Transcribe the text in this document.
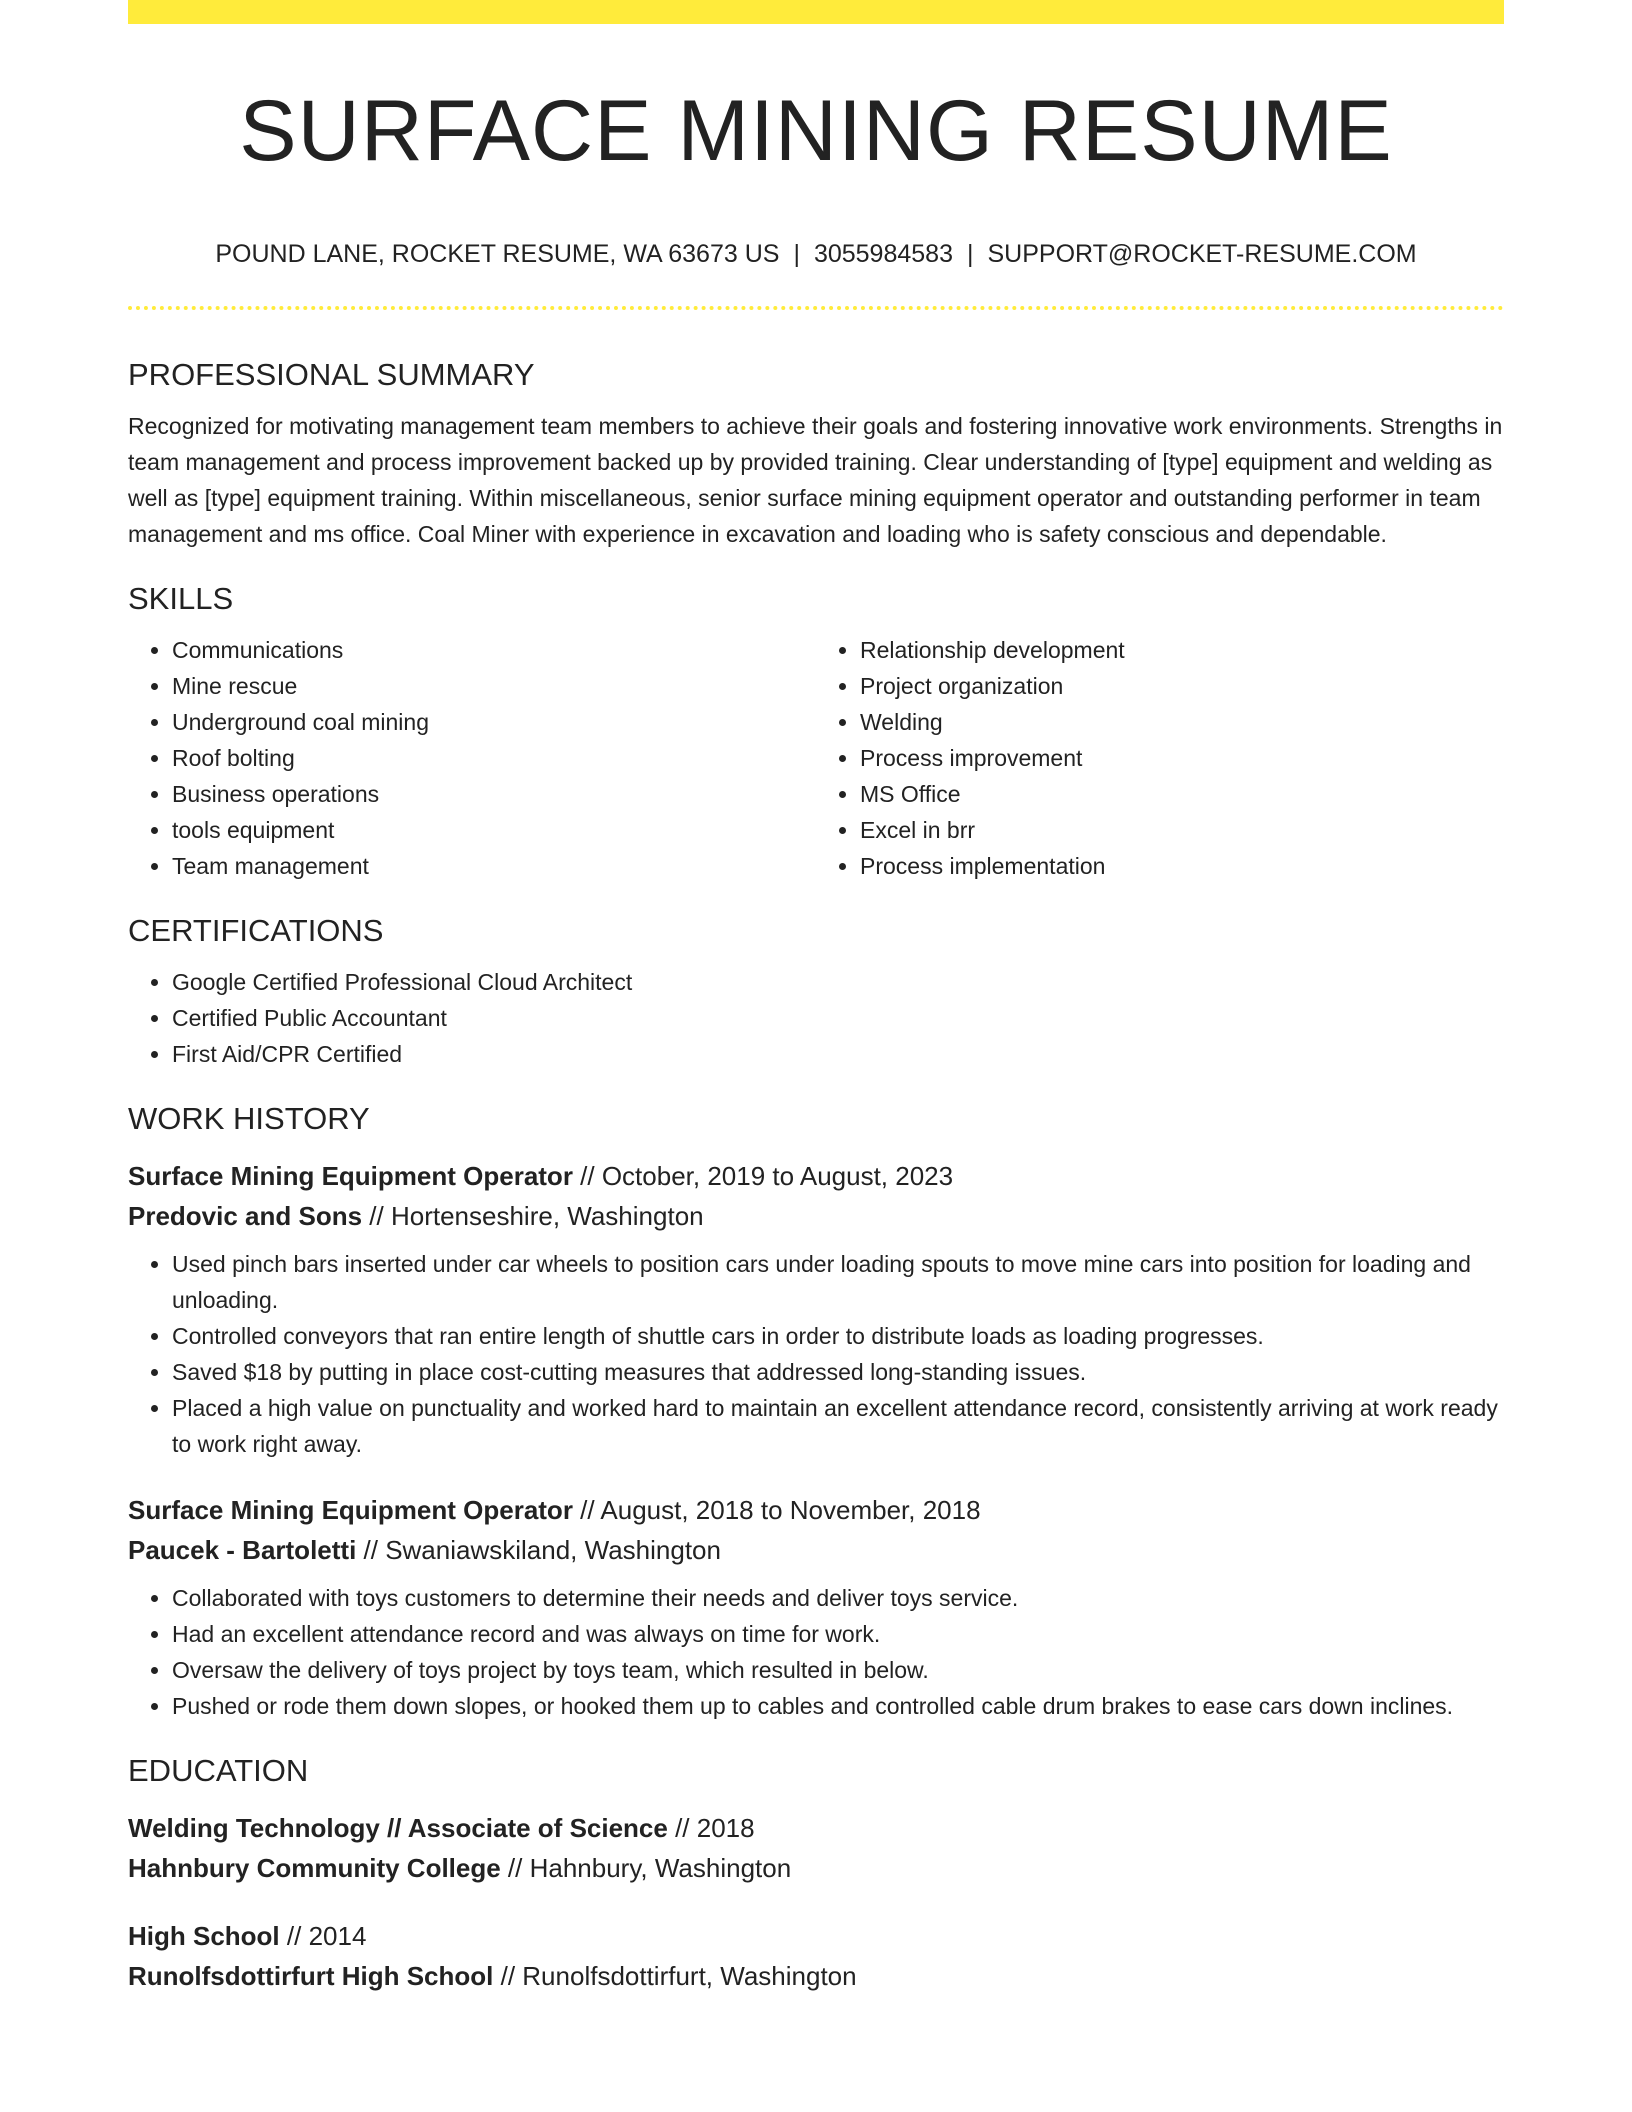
SURFACE MINING RESUME
POUND LANE, ROCKET RESUME, WA 63673 US | 3055984583 | SUPPORT@ROCKET-RESUME.COM
PROFESSIONAL SUMMARY

Recognized for motivating management team members to achieve their goals and fostering innovative work environments. Strengths in team management and process improvement backed up by provided training. Clear understanding of [type] equipment and welding as well as [type] equipment training. Within miscellaneous, senior surface mining equipment operator and outstanding performer in team management and ms office. Coal Miner with experience in excavation and loading who is safety conscious and dependable.

SKILLS
• Communications
• Mine rescue
• Underground coal mining
• Roof bolting
• Business operations
• tools equipment
• Team management
• Relationship development
• Project organization
• Welding
• Process improvement
• MS Office
• Excel in brr
• Process implementation
CERTIFICATIONS
• Google Certified Professional Cloud Architect
• Certified Public Accountant
• First Aid/CPR Certified
WORK HISTORY

Surface Mining Equipment Operator // October, 2019 to August, 2023

Predovic and Sons // Hortenseshire, Washington

• Used pinch bars inserted under car wheels to position cars under loading spouts to move mine cars into position for loading and unloading.
• Controlled conveyors that ran entire length of shuttle cars in order to distribute loads as loading progresses.
• Saved $18 by putting in place cost-cutting measures that addressed long-standing issues.
• Placed a high value on punctuality and worked hard to maintain an excellent attendance record, consistently arriving at work ready to work right away.

Surface Mining Equipment Operator // August, 2018 to November, 2018

Paucek - Bartoletti // Swaniawskiland, Washington

• Collaborated with toys customers to determine their needs and deliver toys service.
• Had an excellent attendance record and was always on time for work.
• Oversaw the delivery of toys project by toys team, which resulted in below.
• Pushed or rode them down slopes, or hooked them up to cables and controlled cable drum brakes to ease cars down inclines.
EDUCATION

Welding Technology // Associate of Science // 2018

Hahnbury Community College // Hahnbury, Washington

High School // 2014

Runolfsdottirfurt High School // Runolfsdottirfurt, Washington
